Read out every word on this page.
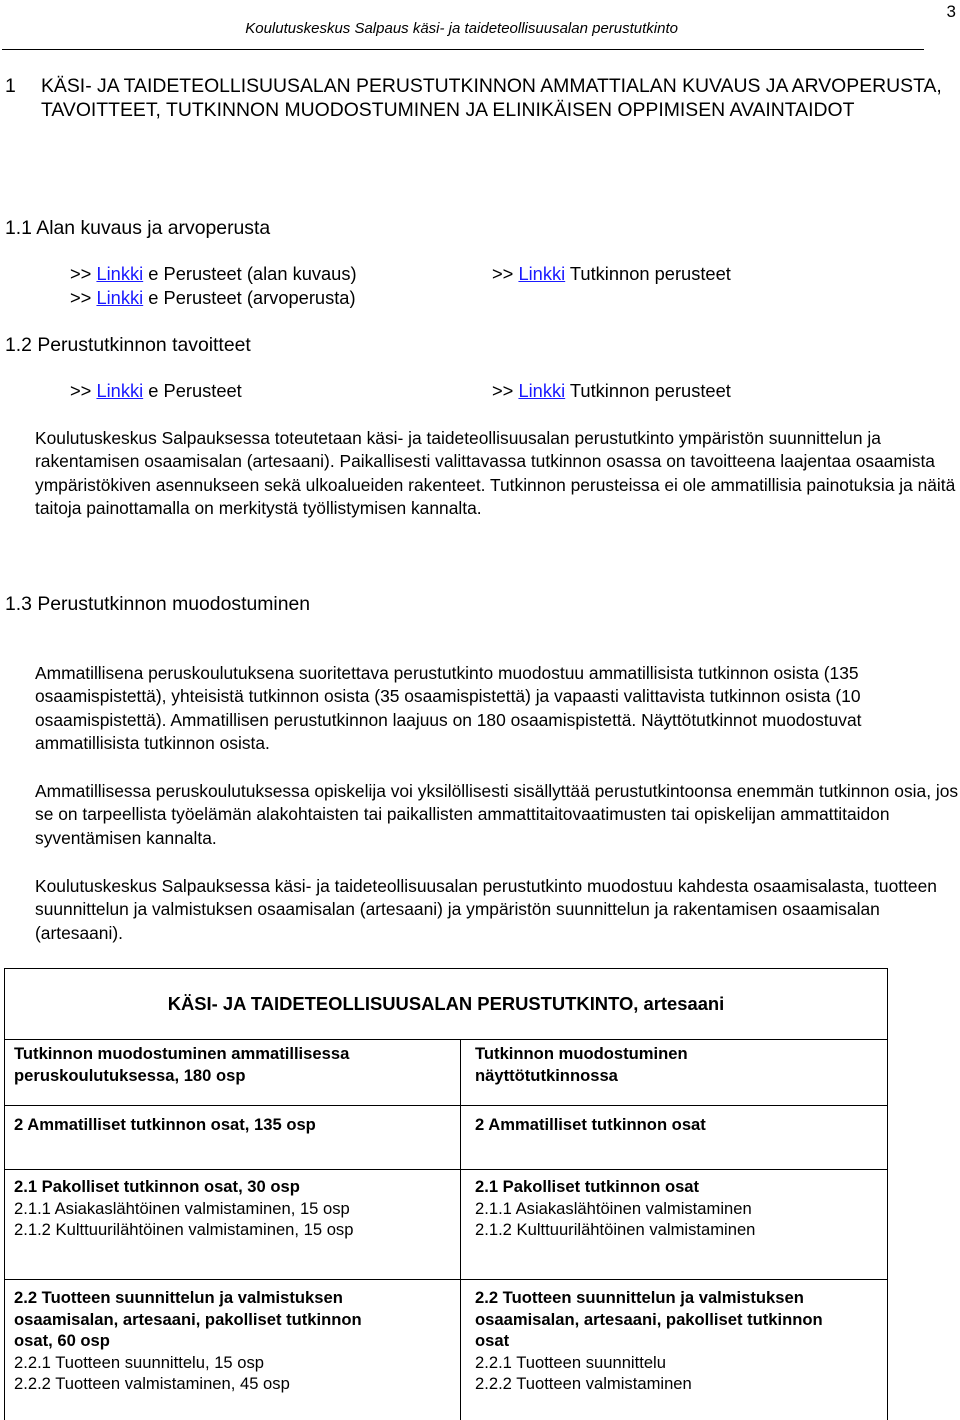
Koulutuskeskus Salpaus käsi- ja taideteollisuusalan perustutkinto
3
1 KÄSI- JA TAIDETEOLLISUUSALAN PERUSTUTKINNON AMMATTIALAN KUVAUS JA ARVOPERUSTA, TAVOITTEET, TUTKINNON MUODOSTUMINEN JA ELINIKÄISEN OPPIMISEN AVAINTAIDOT
1.1 Alan kuvaus ja arvoperusta
>> Linkki e Perusteet (alan kuvaus)
>> Linkki e Perusteet (arvoperusta)
>> Linkki Tutkinnon perusteet
1.2 Perustutkinnon tavoitteet
>> Linkki e Perusteet	>> Linkki Tutkinnon perusteet

Koulutuskeskus Salpauksessa toteutetaan käsi- ja taideteollisuusalan perustutkinto ympäristön suunnittelun ja rakentamisen osaamisalan (artesaani). Paikallisesti valittavassa tutkinnon osassa on tavoitteena laajentaa osaamista ympäristökiven asennukseen sekä ulkoalueiden rakenteet. Tutkinnon perusteissa ei ole ammatillisia painotuksia ja näitä taitoja painottamalla on merkitystä työllistymisen kannalta.

1.3 Perustutkinnon muodostuminen

Ammatillisena peruskoulutuksena suoritettava perustutkinto muodostuu ammatillisista tutkinnon osista (135 osaamispistettä), yhteisistä tutkinnon osista (35 osaamispistettä) ja vapaasti valittavista tutkinnon osista (10 osaamispistettä). Ammatillisen perustutkinnon laajuus on 180 osaamispistettä. Näyttötutkinnot muodostuvat ammatillisista tutkinnon osista.

Ammatillisessa peruskoulutuksessa opiskelija voi yksilöllisesti sisällyttää perustutkintoonsa enemmän tutkinnon osia, jos se on tarpeellista työelämän alakohtaisten tai paikallisten ammattitaitovaatimusten tai opiskelijan ammattitaidon syventämisen kannalta.

Koulutuskeskus Salpauksessa käsi- ja taideteollisuusalan perustutkinto muodostuu kahdesta osaamisalasta, tuotteen suunnittelun ja valmistuksen osaamisalan (artesaani) ja ympäristön suunnittelun ja rakentamisen osaamisalan (artesaani).

KÄSI- JA TAIDETEOLLISUUSALAN PERUSTUTKINTO, artesaani
Tutkinnon muodostuminen ammatillisessa
peruskoulutuksessa, 180 osp
Tutkinnon muodostuminen
näyttötutkinnossa
2 Ammatilliset tutkinnon osat, 135 osp	2 Ammatilliset tutkinnon osat
2.1 Pakolliset tutkinnon osat, 30 osp
2.1.1 Asiakaslähtöinen valmistaminen, 15 osp
2.1.2 Kulttuurilähtöinen valmistaminen, 15 osp
2.1 Pakolliset tutkinnon osat
2.1.1 Asiakaslähtöinen valmistaminen
2.1.2 Kulttuurilähtöinen valmistaminen
2.2 Tuotteen suunnittelun ja valmistuksen
osaamisalan, artesaani, pakolliset tutkinnon
osat, 60 osp
2.2.1 Tuotteen suunnittelu, 15 osp
2.2.2 Tuotteen valmistaminen, 45 osp
2.2 Tuotteen suunnittelun ja valmistuksen
osaamisalan, artesaani, pakolliset tutkinnon
osat
2.2.1 Tuotteen suunnittelu
2.2.2 Tuotteen valmistaminen
